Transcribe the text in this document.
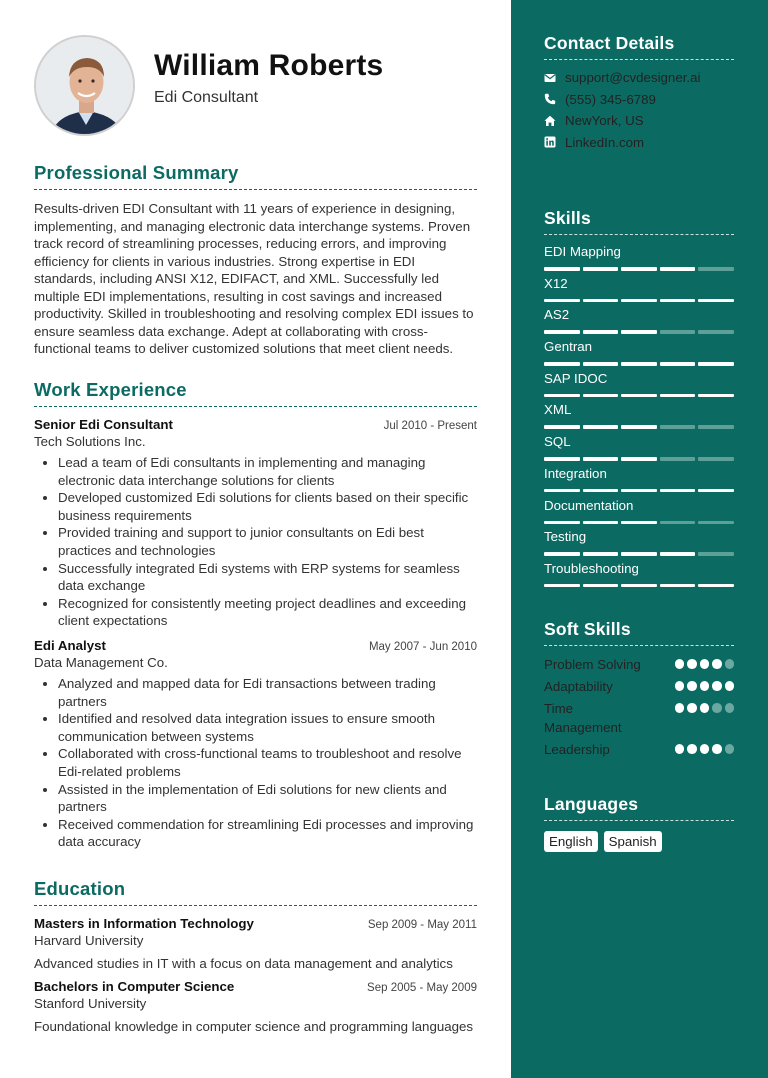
William Roberts
Edi Consultant
Professional Summary
Results-driven EDI Consultant with 11 years of experience in designing, implementing, and managing electronic data interchange systems. Proven track record of streamlining processes, reducing errors, and improving efficiency for clients in various industries. Strong expertise in EDI standards, including ANSI X12, EDIFACT, and XML. Successfully led multiple EDI implementations, resulting in cost savings and increased productivity. Skilled in troubleshooting and resolving complex EDI issues to ensure seamless data exchange. Adept at collaborating with cross-functional teams to deliver customized solutions that meet client needs.
Work Experience
Senior Edi Consultant	Jul 2010 - Present
Tech Solutions Inc.
• Lead a team of Edi consultants in implementing and managing electronic data interchange solutions for clients
• Developed customized Edi solutions for clients based on their specific business requirements
• Provided training and support to junior consultants on Edi best practices and technologies
• Successfully integrated Edi systems with ERP systems for seamless data exchange
• Recognized for consistently meeting project deadlines and exceeding client expectations
Edi Analyst	May 2007 - Jun 2010
Data Management Co.
• Analyzed and mapped data for Edi transactions between trading partners
• Identified and resolved data integration issues to ensure smooth communication between systems
• Collaborated with cross-functional teams to troubleshoot and resolve Edi-related problems
• Assisted in the implementation of Edi solutions for new clients and partners
• Received commendation for streamlining Edi processes and improving data accuracy
Education
Masters in Information Technology	Sep 2009 - May 2011
Harvard University
Advanced studies in IT with a focus on data management and analytics
Bachelors in Computer Science	Sep 2005 - May 2009
Stanford University
Foundational knowledge in computer science and programming languages
Contact Details
support@cvdesigner.ai
(555) 345-6789
NewYork, US
LinkedIn.com
Skills
EDI Mapping
X12
AS2
Gentran
SAP IDOC
XML
SQL
Integration
Documentation
Testing
Troubleshooting
Soft Skills
Problem Solving
Adaptability
Time Management
Leadership
Languages
English	Spanish
